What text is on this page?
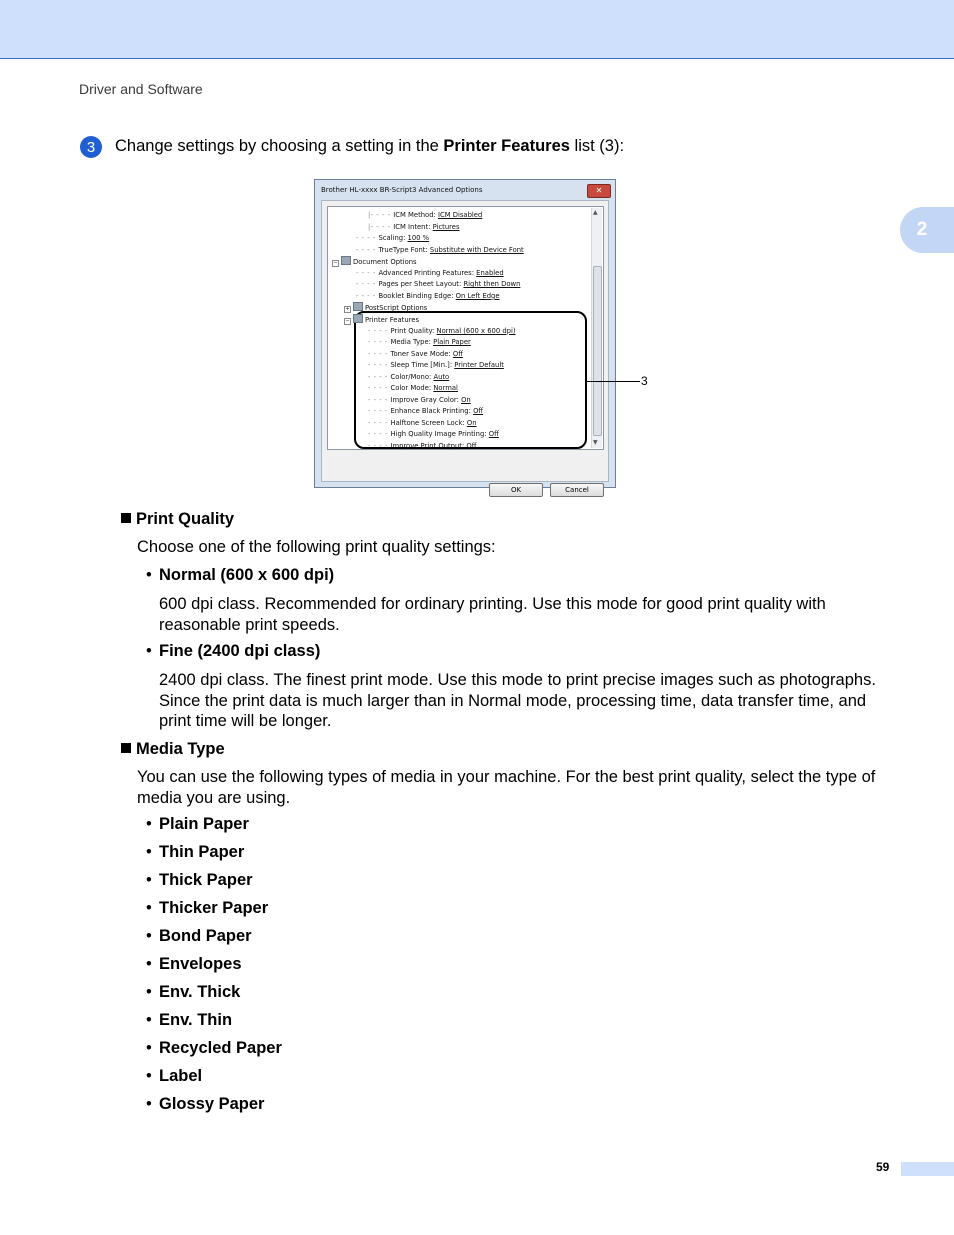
Driver and Software
2
3	Change settings by choosing a setting in the Printer Features list (3):
Brother HL-xxxx BR-Script3 Advanced Options	✕
▲
▼
|- - - - ICM Method: ICM Disabled
|- - - - ICM Intent: Pictures
- - - - Scaling: 100 %
- - - - TrueType Font: Substitute with Device Font
− Document Options
- - - - Advanced Printing Features: Enabled
- - - - Pages per Sheet Layout: Right then Down
- - - - Booklet Binding Edge: On Left Edge
+ PostScript Options
− Printer Features
- - - - Print Quality: Normal (600 x 600 dpi)
- - - - Media Type: Plain Paper
- - - - Toner Save Mode: Off
- - - - Sleep Time [Min.]: Printer Default
- - - - Color/Mono: Auto
- - - - Color Mode: Normal
- - - - Improve Gray Color: On
- - - - Enhance Black Printing: Off
- - - - Halftone Screen Lock: On
- - - - High Quality Image Printing: Off
- - - - Improve Print Output: Off
OK	Cancel
3
Print Quality
Choose one of the following print quality settings:
• Normal (600 x 600 dpi)
600 dpi class. Recommended for ordinary printing. Use this mode for good print quality with reasonable print speeds.
• Fine (2400 dpi class)
2400 dpi class. The finest print mode. Use this mode to print precise images such as photographs. Since the print data is much larger than in Normal mode, processing time, data transfer time, and print time will be longer.
Media Type
You can use the following types of media in your machine. For the best print quality, select the type of media you are using.
• Plain Paper
• Thin Paper
• Thick Paper
• Thicker Paper
• Bond Paper
• Envelopes
• Env. Thick
• Env. Thin
• Recycled Paper
• Label
• Glossy Paper
59
